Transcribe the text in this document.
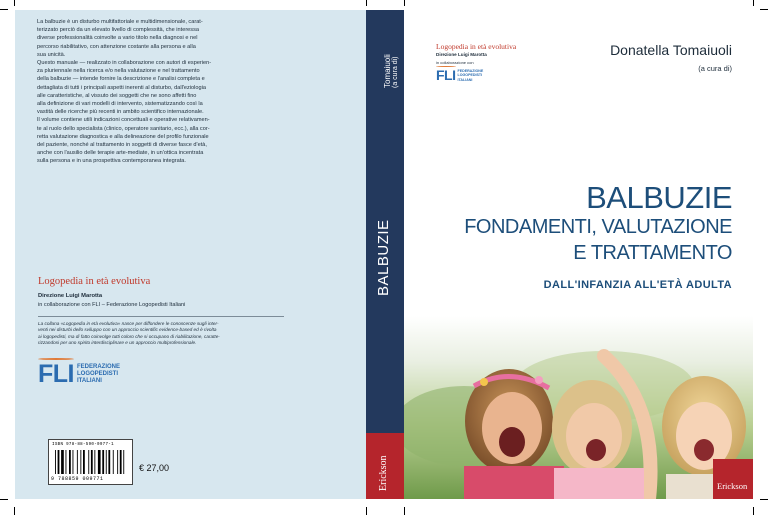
La balbuzie è un disturbo multifattoriale e multidimensionale, carat-
terizzato perciò da un elevato livello di complessità, che interessa
diverse professionalità coinvolte a vario titolo nella diagnosi e nel
percorso riabilitativo, con attenzione costante alla persona e alla
sua unicità.
Questo manuale — realizzato in collaborazione con autori di esperien-
za pluriennale nella ricerca e/o nella valutazione e nel trattamento
della balbuzie — intende fornire la descrizione e l'analisi completa e
dettagliata di tutti i principali aspetti inerenti al disturbo, dall'eziologia
alle caratteristiche, al vissuto dei soggetti che ne sono affetti fino
alla definizione di vari modelli di intervento, sistematizzando così la
vastità delle ricerche più recenti in ambito scientifico internazionale.
Il volume contiene utili indicazioni concettuali e operative relativamen-
te al ruolo dello specialista (clinico, operatore sanitario, ecc.), alla cor-
retta valutazione diagnostica e alla delineazione del profilo funzionale
del paziente, nonché al trattamento in soggetti di diverse fasce d'età,
anche con l'ausilio delle terapie arte-mediate, in un'ottica incentrata
sulla persona e in una prospettiva contemporanea integrata.

Logopedia in età evolutiva
Direzione Luigi Marotta
in collaborazione con FLI – Federazione Logopedisti Italiani

La collana «Logopedia in età evolutiva» nasce per diffondere le conoscenze sugli inter-
venti nei disturbi dello sviluppo con un approccio scientific evidence-based ed è rivolta
ai logopedisti, ma di fatto coinvolge tutti coloro che si occupano di riabilitazione, caratte-
rizzandosi per uno spirito interdisciplinare e un approccio multiprofessionale.

FLI FEDERAZIONE
LOGOPEDISTI
ITALIANI
ISBN 978-88-590-0977-1
9 788859 009771
€ 27,00
Tomaiuoli (a cura di)
BALBUZIE
Erickson
Logopedia in età evolutiva
Direzione Luigi Marotta
in collaborazione con
FLI FEDERAZIONE
LOGOPEDISTI
ITALIANI
Donatella Tomaiuoli
(a cura di)
BALBUZIE
FONDAMENTI, VALUTAZIONE
E TRATTAMENTO
DALL'INFANZIA ALL'ETÀ ADULTA
Erickson
